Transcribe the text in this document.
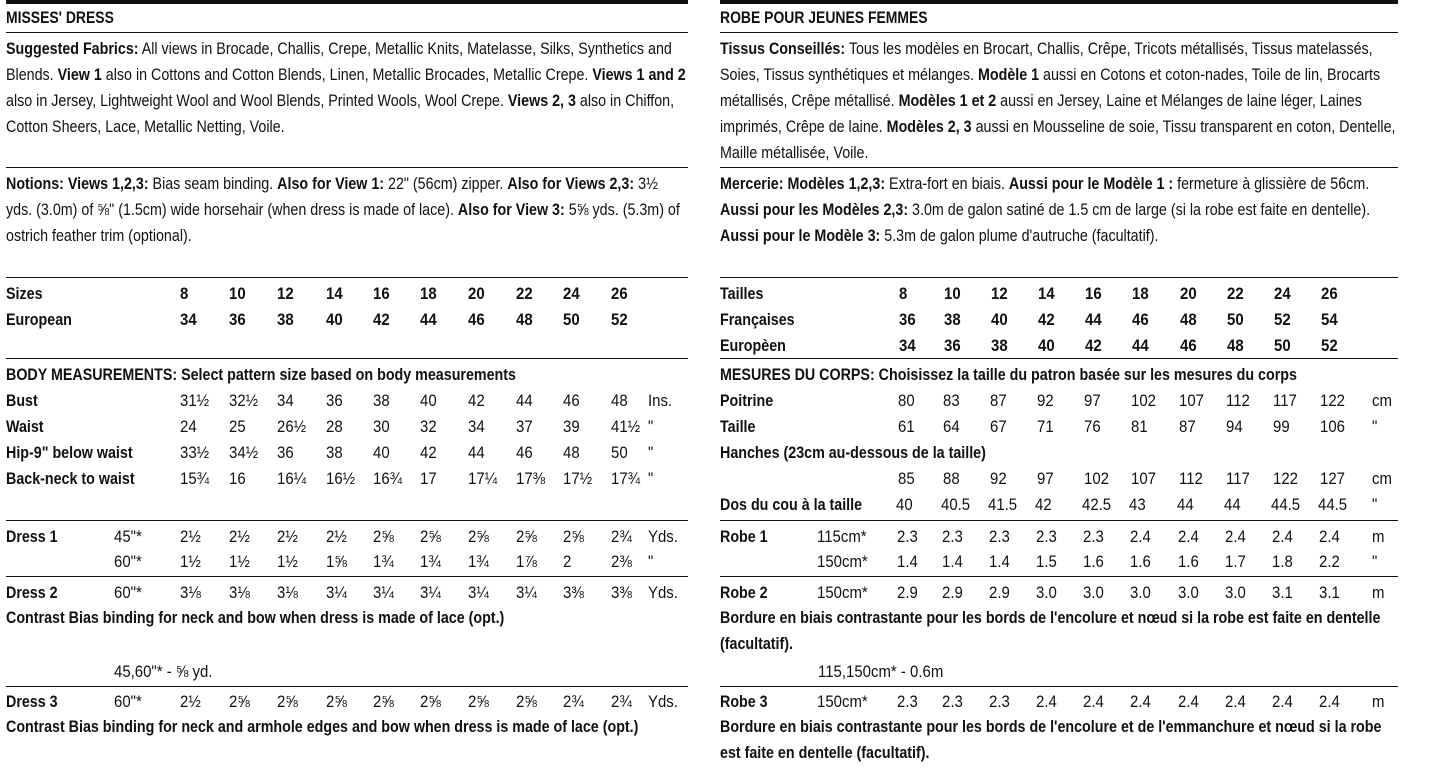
MISSES' DRESS

Suggested Fabrics: All views in Brocade, Challis, Crepe, Metallic Knits, Matelasse, Silks, Synthetics and Blends. View 1 also in Cottons and Cotton Blends, Linen, Metallic Brocades, Metallic Crepe. Views 1 and 2 also in Jersey, Lightweight Wool and Wool Blends, Printed Wools, Wool Crepe. Views 2, 3 also in Chiffon, Cotton Sheers, Lace, Metallic Netting, Voile.

Notions: Views 1,2,3: Bias seam binding. Also for View 1: 22" (56cm) zipper. Also for Views 2,3: 3½ yds. (3.0m) of ⅝" (1.5cm) wide horsehair (when dress is made of lace). Also for View 3: 5⅝ yds. (5.3m) of ostrich feather trim (optional).

Sizes	8 10 12 14 16 18 20 22 24 26
European	34 36 38 40 42 44 46 48 50 52
BODY MEASUREMENTS: Select pattern size based on body measurements
Bust	31½ 32½ 34 36 38 40 42 44 46 48 Ins.
Waist	24 25 26½ 28 30 32 34 37 39 41½ "
Hip-9" below waist	33½ 34½ 36 38 40 42 44 46 48 50 "
Back-neck to waist	15¾ 16 16¼ 16½ 16¾ 17 17¼ 17⅜ 17½ 17¾ "
Dress 1	45"* 2½ 2½ 2½ 2½ 2⅝ 2⅝ 2⅝ 2⅝ 2⅝ 2¾ Yds.
60"* 1½ 1½ 1½ 1⅝ 1¾ 1¾ 1¾ 1⅞ 2 2⅜ "
Dress 2	60"* 3⅛ 3⅛ 3⅛ 3¼ 3¼ 3¼ 3¼ 3¼ 3⅜ 3⅜ Yds.

Contrast Bias binding for neck and bow when dress is made of lace (opt.)

45,60"* - ⅝ yd.
Dress 3	60"* 2½ 2⅝ 2⅝ 2⅝ 2⅝ 2⅝ 2⅝ 2⅝ 2¾ 2¾ Yds.

Contrast Bias binding for neck and armhole edges and bow when dress is made of lace (opt.)

ROBE POUR JEUNES FEMMES

Tissus Conseillés: Tous les modèles en Brocart, Challis, Crêpe, Tricots métallisés, Tissus matelassés, Soies, Tissus synthétiques et mélanges. Modèle 1 aussi en Cotons et coton-nades, Toile de lin, Brocarts métallisés, Crêpe métallisé. Modèles 1 et 2 aussi en Jersey, Laine et Mélanges de laine léger, Laines imprimés, Crêpe de laine. Modèles 2, 3 aussi en Mousseline de soie, Tissu transparent en coton, Dentelle, Maille métallisée, Voile.

Mercerie: Modèles 1,2,3: Extra-fort en biais. Aussi pour le Modèle 1 : fermeture à glissière de 56cm. Aussi pour les Modèles 2,3: 3.0m de galon satiné de 1.5 cm de large (si la robe est faite en dentelle). Aussi pour le Modèle 3: 5.3m de galon plume d'autruche (facultatif).

Tailles	8 10 12 14 16 18 20 22 24 26
Françaises	36 38 40 42 44 46 48 50 52 54
Europèen	34 36 38 40 42 44 46 48 50 52
MESURES DU CORPS: Choisissez la taille du patron basée sur les mesures du corps
Poitrine	80 83 87 92 97 102 107 112 117 122 cm
Taille	61 64 67 71 76 81 87 94 99 106 "
Hanches (23cm au-dessous de la taille)
85 88 92 97 102 107 112 117 122 127 cm
Dos du cou à la taille 40 40.5 41.5 42 42.5 43 44 44 44.5 44.5 "
Robe 1	2.3 2.3 2.3 2.3 2.3 2.4 2.4 2.4 2.4 2.4 m
115cm*
1.4 1.4 1.4 1.5 1.6 1.6 1.6 1.7 1.8 2.2 "
150cm*
Robe 2	2.9 2.9 2.9 3.0 3.0 3.0 3.0 3.0 3.1 3.1 m
150cm*

Bordure en biais contrastante pour les bords de l'encolure et nœud si la robe est faite en dentelle (facultatif).

115,150cm* - 0.6m
Robe 3	2.3 2.3 2.3 2.4 2.4 2.4 2.4 2.4 2.4 2.4 m
150cm*

Bordure en biais contrastante pour les bords de l'encolure et de l'emmanchure et nœud si la robe est faite en dentelle (facultatif).
